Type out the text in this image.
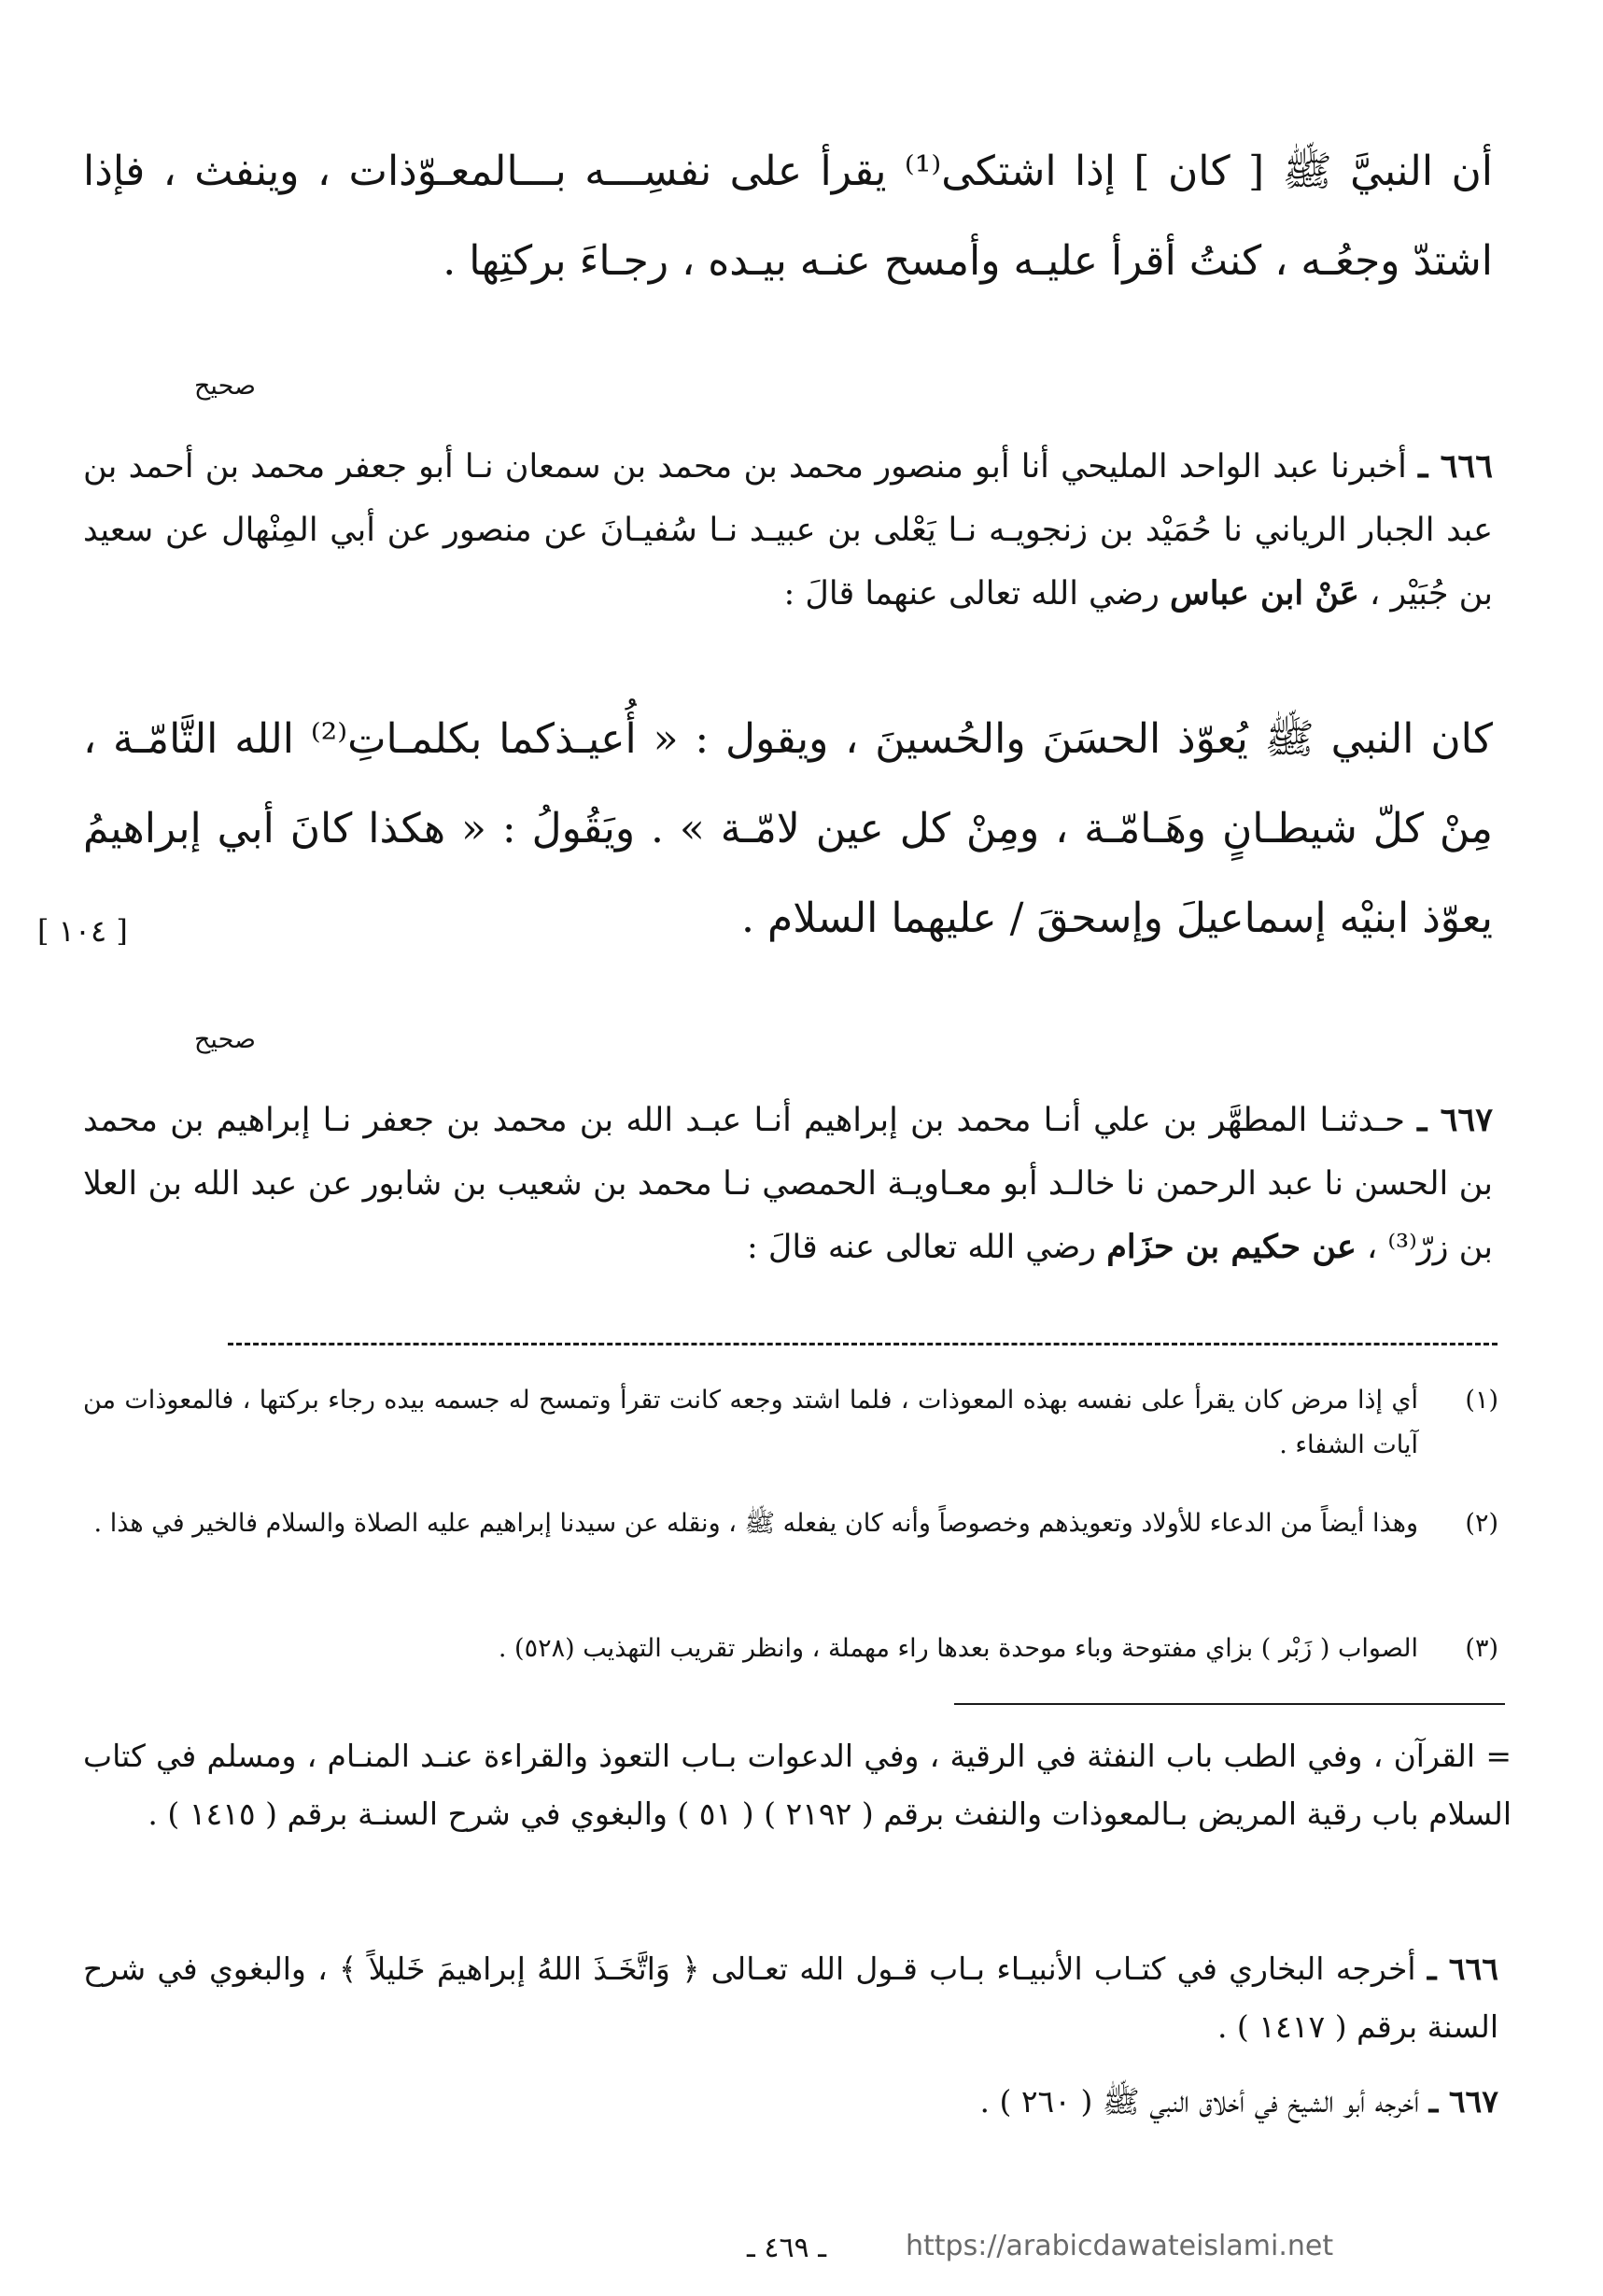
أن النبيَّ ﷺ [ كان ] إذا اشتكى⁽¹⁾ يقرأ على نفسِـــه بـــالمعـوّذات ، وينفث ، فإذا اشتدّ وجعُـه ، كنتُ أقرأ عليـه وأمسح عنـه بيـده ، رجـاءَ بركتِها .
صحيح
٦٦٦ ـ أخبرنا عبد الواحد المليحي أنا أبو منصور محمد بن محمد بن سمعان نـا أبو جعفر محمد بن أحمد بن عبد الجبار الرياني نا حُمَيْد بن زنجويـه نـا يَعْلى بن عبيـد نـا سُفيـانَ عن منصور عن أبي المِنْهال عن سعيد بن جُبَيْر ، عَنْ ابن عباس رضي الله تعالى عنهما قالَ :
كان النبي ﷺ يُعوّذ الحسَنَ والحُسينَ ، ويقول : « أُعيـذكما بكلمـاتِ⁽²⁾ الله التَّامّـة ، مِنْ كلّ شيطـانٍ وهَـامّـة ، ومِنْ كل عين لامّـة » . ويَقُولُ : « هكذا كانَ أبي إبراهيمُ يعوّذ ابنيْه إسماعيلَ وإسحقَ / عليهما السلام .
[ ١٠٤ ]
صحيح
٦٦٧ ـ حـدثنـا المطهَّر بن علي أنـا محمد بن إبراهيم أنـا عبـد الله بن محمد بن جعفر نـا إبراهيم بن محمد بن الحسن نا عبد الرحمن نا خالـد أبو معـاويـة الحمصي نـا محمد بن شعيب بن شابور عن عبد الله بن العلا بن زرّ⁽³⁾ ، عن حكيم بن حزَام رضي الله تعالى عنه قالَ :
(١)
أي إذا مرض كان يقرأ على نفسه بهذه المعوذات ، فلما اشتد وجعه كانت تقرأ وتمسح له جسمه بيده رجاء بركتها ، فالمعوذات من آيات الشفاء .
(٢)
وهذا أيضاً من الدعاء للأولاد وتعويذهم وخصوصاً وأنه كان يفعله ﷺ ، ونقله عن سيدنا إبراهيم عليه الصلاة والسلام فالخير في هذا .
(٣)
الصواب ( زَبْر ) بزاي مفتوحة وباء موحدة بعدها راء مهملة ، وانظر تقريب التهذيب (٥٢٨) .
= القرآن ، وفي الطب باب النفثة في الرقية ، وفي الدعوات بـاب التعوذ والقراءة عنـد المنـام ، ومسلم في كتاب السلام باب رقية المريض بـالمعوذات والنفث برقم ( ٢١٩٢ ) ( ٥١ ) والبغوي في شرح السنـة برقم ( ١٤١٥ ) .
٦٦٦ ـ أخرجه البخاري في كتـاب الأنبيـاء بـاب قـول الله تعـالى ﴿ وَاتَّخَـذَ اللهُ إبراهيمَ خَليلاً ﴾ ، والبغوي في شرح السنة برقم ( ١٤١٧ ) .
٦٦٧ ـ أخرجه أبو الشيخ في أخلاق النبي ﷺ ( ٢٦٠ ) .
ـ ٤٦٩ ـ	https://arabicdawateislami.net
